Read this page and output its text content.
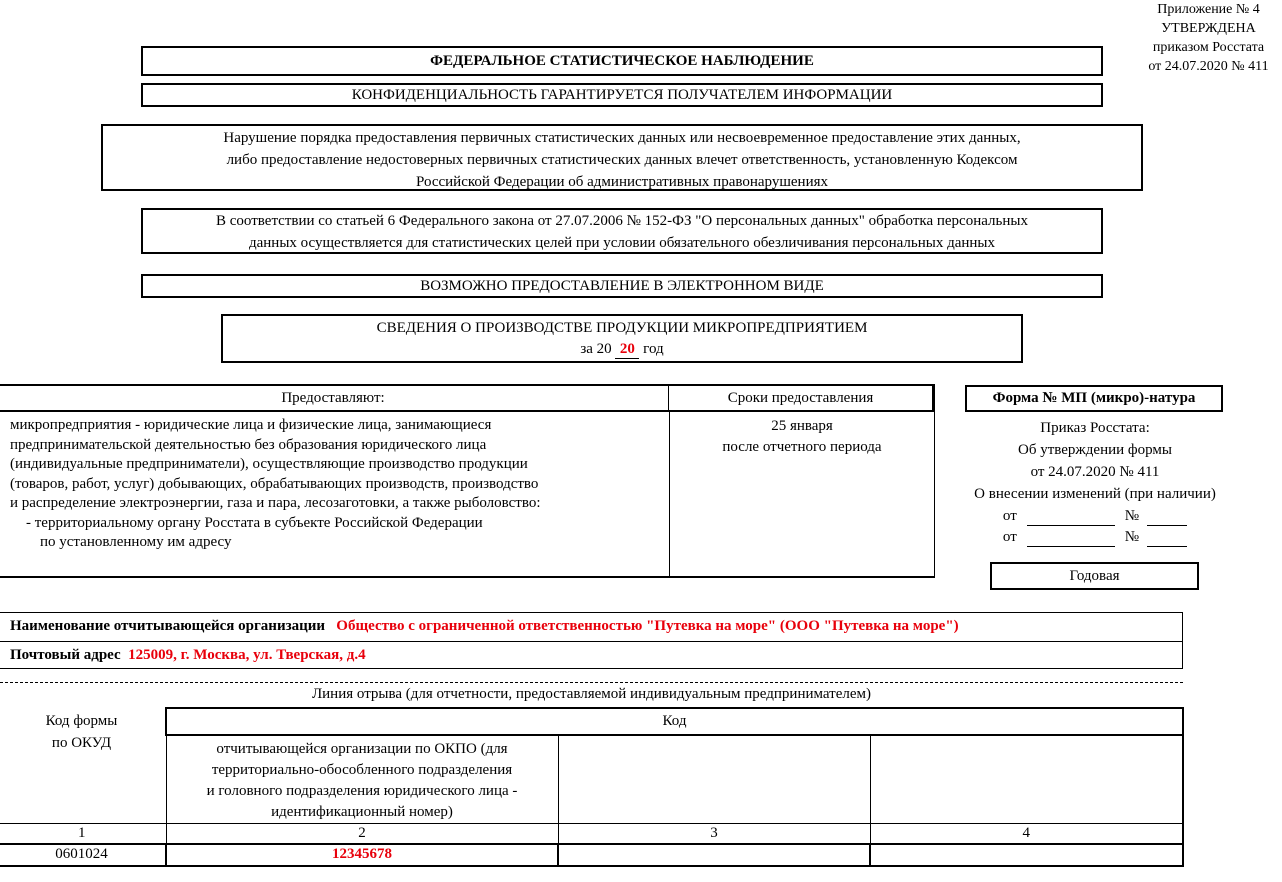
Приложение № 4
УТВЕРЖДЕНА
приказом Росстата
от 24.07.2020 № 411
ФЕДЕРАЛЬНОЕ СТАТИСТИЧЕСКОЕ НАБЛЮДЕНИЕ
КОНФИДЕНЦИАЛЬНОСТЬ ГАРАНТИРУЕТСЯ ПОЛУЧАТЕЛЕМ ИНФОРМАЦИИ
Нарушение порядка предоставления первичных статистических данных или несвоевременное предоставление этих данных,
либо предоставление недостоверных первичных статистических данных влечет ответственность, установленную Кодексом
Российской Федерации об административных правонарушениях
В соответствии со статьей 6 Федерального закона от 27.07.2006 № 152-ФЗ "О персональных данных" обработка персональных
данных осуществляется для статистических целей при условии обязательного обезличивания персональных данных
ВОЗМОЖНО ПРЕДОСТАВЛЕНИЕ В ЭЛЕКТРОННОМ ВИДЕ
СВЕДЕНИЯ О ПРОИЗВОДСТВЕ ПРОДУКЦИИ МИКРОПРЕДПРИЯТИЕМ
за 20 20 год
Предоставляют:	Сроки предоставления
микропредприятия - юридические лица и физические лица, занимающиеся
предпринимательской деятельностью без образования юридического лица
(индивидуальные предприниматели), осуществляющие производство продукции
(товаров, работ, услуг) добывающих, обрабатывающих производств, производство
и распределение электроэнергии, газа и пара, лесозаготовки, а также рыболовство:
- территориальному органу Росстата в субъекте Российской Федерации
по установленному им адресу
25 января
после отчетного периода
Форма № МП (микро)-натура
Приказ Росстата:
Об утверждении формы
от 24.07.2020 № 411
О внесении изменений (при наличии)
от	№
от	№
Годовая
Наименование отчитывающейся организации Общество с ограниченной ответственностью "Путевка на море" (ООО "Путевка на море")
Почтовый адрес 125009, г. Москва, ул. Тверская, д.4
Линия отрыва (для отчетности, предоставляемой индивидуальным предпринимателем)
Код формы
по ОКУД	Код		

	отчитывающейся организации по ОКПО (для
территориально-обособленного подразделения
и головного подразделения юридического лица -
идентификационный номер)		

1	2	3	4
0601024	12345678		
